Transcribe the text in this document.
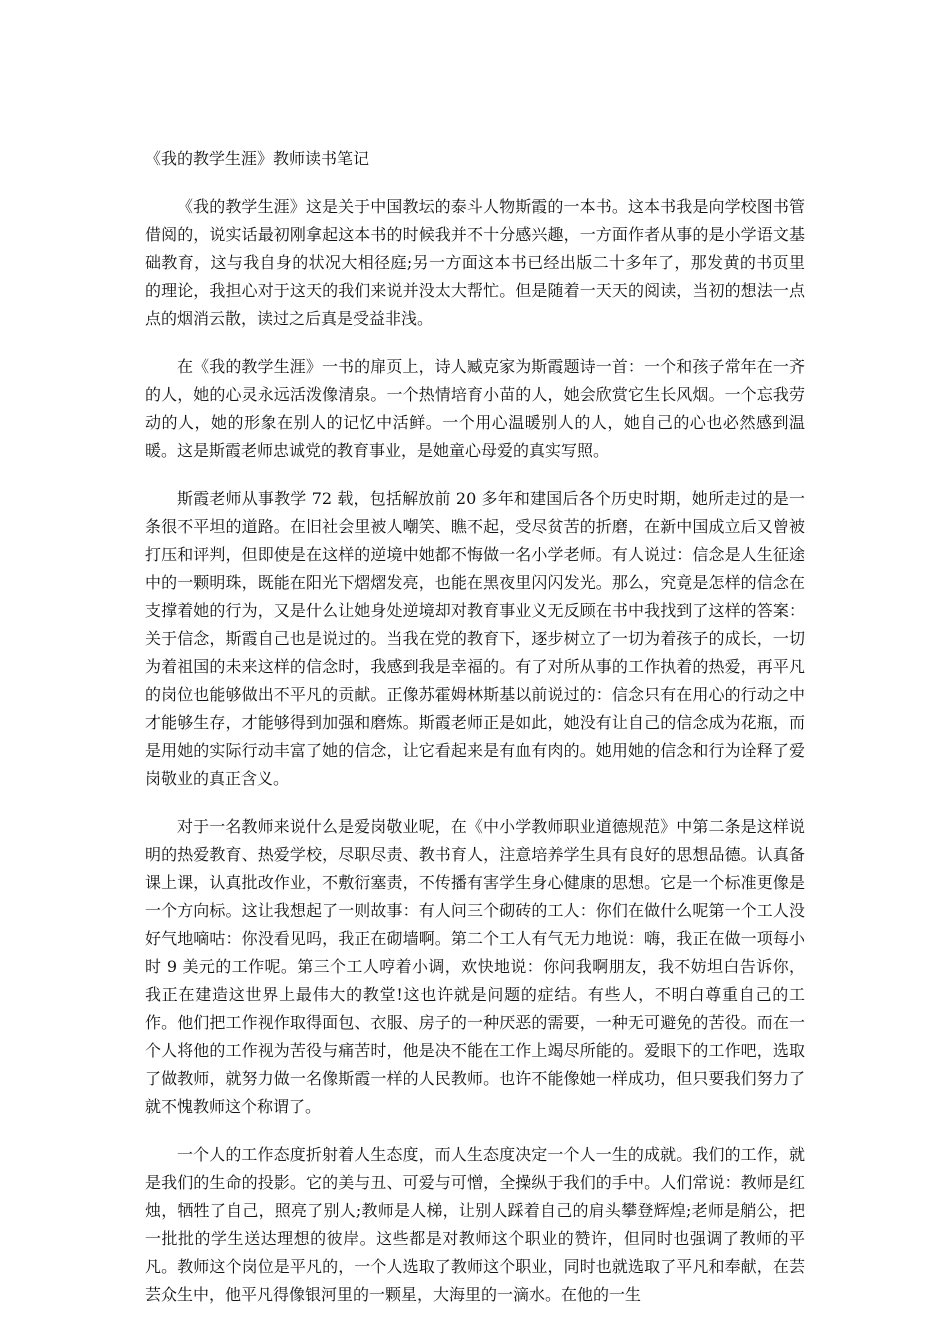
《我的教学生涯》教师读书笔记

《我的教学生涯》这是关于中国教坛的泰斗人物斯霞的一本书。这本书我是向学校图书管借阅的，说实话最初刚拿起这本书的时候我并不十分感兴趣，一方面作者从事的是小学语文基础教育，这与我自身的状况大相径庭;另一方面这本书已经出版二十多年了，那发黄的书页里的理论，我担心对于这天的我们来说并没太大帮忙。但是随着一天天的阅读，当初的想法一点点的烟消云散，读过之后真是受益非浅。

在《我的教学生涯》一书的扉页上，诗人臧克家为斯霞题诗一首：一个和孩子常年在一齐的人，她的心灵永远活泼像清泉。一个热情培育小苗的人，她会欣赏它生长风烟。一个忘我劳动的人，她的形象在别人的记忆中活鲜。一个用心温暖别人的人，她自己的心也必然感到温暖。这是斯霞老师忠诚党的教育事业，是她童心母爱的真实写照。

斯霞老师从事教学 72 载，包括解放前 20 多年和建国后各个历史时期，她所走过的是一条很不平坦的道路。在旧社会里被人嘲笑、瞧不起，受尽贫苦的折磨，在新中国成立后又曾被打压和评判，但即使是在这样的逆境中她都不悔做一名小学老师。有人说过：信念是人生征途中的一颗明珠，既能在阳光下熠熠发亮，也能在黑夜里闪闪发光。那么，究竟是怎样的信念在支撑着她的行为，又是什么让她身处逆境却对教育事业义无反顾在书中我找到了这样的答案：关于信念，斯霞自己也是说过的。当我在党的教育下，逐步树立了一切为着孩子的成长，一切为着祖国的未来这样的信念时，我感到我是幸福的。有了对所从事的工作执着的热爱，再平凡的岗位也能够做出不平凡的贡献。正像苏霍姆林斯基以前说过的：信念只有在用心的行动之中才能够生存，才能够得到加强和磨炼。斯霞老师正是如此，她没有让自己的信念成为花瓶，而是用她的实际行动丰富了她的信念，让它看起来是有血有肉的。她用她的信念和行为诠释了爱岗敬业的真正含义。

对于一名教师来说什么是爱岗敬业呢，在《中小学教师职业道德规范》中第二条是这样说明的热爱教育、热爱学校，尽职尽责、教书育人，注意培养学生具有良好的思想品德。认真备课上课，认真批改作业，不敷衍塞责，不传播有害学生身心健康的思想。它是一个标准更像是一个方向标。这让我想起了一则故事：有人问三个砌砖的工人：你们在做什么呢第一个工人没好气地嘀咕：你没看见吗，我正在砌墙啊。第二个工人有气无力地说：嗨，我正在做一项每小时 9 美元的工作呢。第三个工人哼着小调，欢快地说：你问我啊朋友，我不妨坦白告诉你，我正在建造这世界上最伟大的教堂!这也许就是问题的症结。有些人，不明白尊重自己的工作。他们把工作视作取得面包、衣服、房子的一种厌恶的需要，一种无可避免的苦役。而在一个人将他的工作视为苦役与痛苦时，他是决不能在工作上竭尽所能的。爱眼下的工作吧，选取了做教师，就努力做一名像斯霞一样的人民教师。也许不能像她一样成功，但只要我们努力了就不愧教师这个称谓了。

一个人的工作态度折射着人生态度，而人生态度决定一个人一生的成就。我们的工作，就是我们的生命的投影。它的美与丑、可爱与可憎，全操纵于我们的手中。人们常说：教师是红烛，牺牲了自己，照亮了别人;教师是人梯，让别人踩着自己的肩头攀登辉煌;老师是艄公，把一批批的学生送达理想的彼岸。这些都是对教师这个职业的赞许，但同时也强调了教师的平凡。教师这个岗位是平凡的，一个人选取了教师这个职业，同时也就选取了平凡和奉献，在芸芸众生中，他平凡得像银河里的一颗星，大海里的一滴水。在他的一生
